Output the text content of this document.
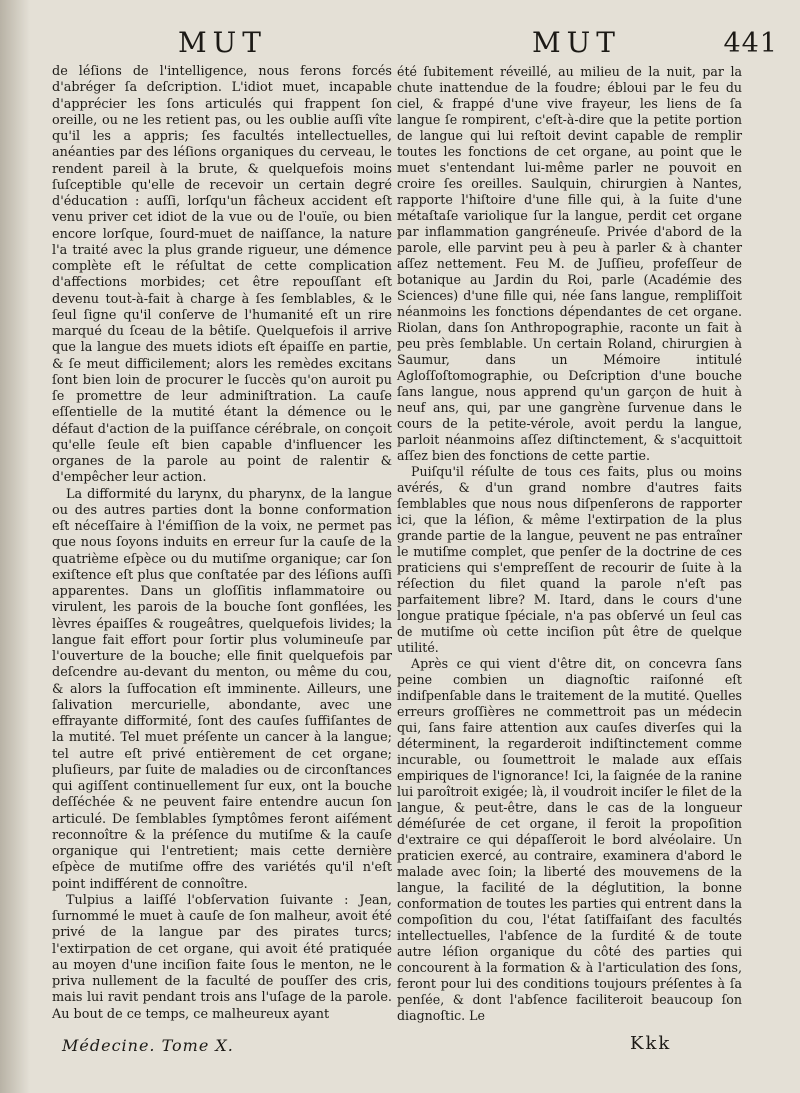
MUT	MUT	441

de léſions de l'intelligence, nous ferons forcés d'abréger ſa deſcription. L'idiot muet, incapable d'apprécier les ſons articulés qui frappent ſon oreille, ou ne les retient pas, ou les oublie auſſi vîte qu'il les a appris; ſes facultés intellectuelles, anéanties par des léſions organiques du cerveau, le rendent pareil à la brute, & quelquefois moins ſuſceptible qu'elle de recevoir un certain degré d'éducation : auſſi, lorſqu'un fâcheux accident eſt venu priver cet idiot de la vue ou de l'ouïe, ou bien encore lorſque, ſourd-muet de naiſſance, la nature l'a traité avec la plus grande rigueur, une démence complète eſt le réſultat de cette complication d'affections morbides; cet être repouſſant eſt devenu tout-à-fait à charge à ſes ſemblables, & le ſeul ſigne qu'il conſerve de l'humanité eſt un rire marqué du ſceau de la bêtiſe. Quelquefois il arrive que la langue des muets idiots eſt épaiſſe en partie, & ſe meut difficilement; alors les remèdes excitans ſont bien loin de procurer le ſuccès qu'on auroit pu ſe promettre de leur adminiſtration. La cauſe eſſentielle de la mutité étant la démence ou le défaut d'action de la puiſſance cérébrale, on conçoit qu'elle ſeule eſt bien capable d'influencer les organes de la parole au point de ralentir & d'empêcher leur action.

La difformité du larynx, du pharynx, de la langue ou des autres parties dont la bonne conformation eſt néceſſaire à l'émiſſion de la voix, ne permet pas que nous ſoyons induits en erreur ſur la cauſe de la quatrième eſpèce ou du mutiſme organique; car ſon exiſtence eſt plus que conſtatée par des léſions auſſi apparentes. Dans un gloſſitis inflammatoire ou virulent, les parois de la bouche ſont gonflées, les lèvres épaiſſes & rougeâtres, quelquefois livides; la langue fait effort pour ſortir plus volumineuſe par l'ouverture de la bouche; elle finit quelquefois par deſcendre au-devant du menton, ou même du cou, & alors la ſuffocation eſt imminente. Ailleurs, une ſalivation mercurielle, abondante, avec une effrayante difformité, ſont des cauſes ſuffiſantes de la mutité. Tel muet préſente un cancer à la langue; tel autre eſt privé entièrement de cet organe; pluſieurs, par ſuite de maladies ou de circonſtances qui agiſſent continuellement ſur eux, ont la bouche deſſéchée & ne peuvent faire entendre aucun ſon articulé. De ſemblables ſymptômes feront aiſément reconnoître & la préſence du mutiſme & la cauſe organique qui l'entretient; mais cette dernière eſpèce de mutiſme offre des variétés qu'il n'eſt point indifférent de connoître.

Tulpius a laiſſé l'obſervation ſuivante : Jean, ſurnommé le muet à cauſe de ſon malheur, avoit été privé de la langue par des pirates turcs; l'extirpation de cet organe, qui avoit été pratiquée au moyen d'une inciſion faite ſous le menton, ne le priva nullement de la faculté de pouſſer des cris, mais lui ravit pendant trois ans l'uſage de la parole. Au bout de ce temps, ce malheureux ayant

été ſubitement réveillé, au milieu de la nuit, par la chute inattendue de la foudre; ébloui par le feu du ciel, & frappé d'une vive frayeur, les liens de ſa langue ſe rompirent, c'eſt-à-dire que la petite portion de langue qui lui reſtoit devint capable de remplir toutes les fonctions de cet organe, au point que le muet s'entendant lui-même parler ne pouvoit en croire ſes oreilles. Saulquin, chirurgien à Nantes, rapporte l'hiſtoire d'une fille qui, à la ſuite d'une métaſtaſe variolique ſur la langue, perdit cet organe par inflammation gangréneuſe. Privée d'abord de la parole, elle parvint peu à peu à parler & à chanter aſſez nettement. Feu M. de Juſſieu, profeſſeur de botanique au Jardin du Roi, parle (Académie des Sciences) d'une fille qui, née ſans langue, rempliſſoit néanmoins les fonctions dépendantes de cet organe. Riolan, dans ſon Anthropographie, raconte un fait à peu près ſemblable. Un certain Roland, chirurgien à Saumur, dans un Mémoire intitulé Agloſſoſtomographie, ou Deſcription d'une bouche ſans langue, nous apprend qu'un garçon de huit à neuf ans, qui, par une gangrène ſurvenue dans le cours de la petite-vérole, avoit perdu la langue, parloit néanmoins aſſez diſtinctement, & s'acquittoit aſſez bien des fonctions de cette partie.

Puiſqu'il réſulte de tous ces faits, plus ou moins avérés, & d'un grand nombre d'autres faits ſemblables que nous nous diſpenſerons de rapporter ici, que la léſion, & même l'extirpation de la plus grande partie de la langue, peuvent ne pas entraîner le mutiſme complet, que penſer de la doctrine de ces praticiens qui s'empreſſent de recourir de ſuite à la réſection du filet quand la parole n'eſt pas parfaitement libre? M. Itard, dans le cours d'une longue pratique ſpéciale, n'a pas obſervé un ſeul cas de mutiſme où cette inciſion pût être de quelque utilité.

Après ce qui vient d'être dit, on concevra ſans peine combien un diagnoſtic raiſonné eſt indiſpenſable dans le traitement de la mutité. Quelles erreurs groſſières ne commettroit pas un médecin qui, ſans faire attention aux cauſes diverſes qui la déterminent, la regarderoit indiſtinctement comme incurable, ou ſoumettroit le malade aux eſſais empiriques de l'ignorance! Ici, la ſaignée de la ranine lui paroîtroit exigée; là, il voudroit inciſer le filet de la langue, & peut-être, dans le cas de la longueur déméſurée de cet organe, il feroit la propoſition d'extraire ce qui dépaſſeroit le bord alvéolaire. Un praticien exercé, au contraire, examinera d'abord le malade avec ſoin; la liberté des mouvemens de la langue, la facilité de la déglutition, la bonne conformation de toutes les parties qui entrent dans la compoſition du cou, l'état ſatiſfaiſant des facultés intellectuelles, l'abſence de la ſurdité & de toute autre léſion organique du côté des parties qui concourent à la formation & à l'articulation des ſons, feront pour lui des conditions toujours préſentes à ſa penſée, & dont l'abſence faciliteroit beaucoup ſon diagnoſtic. Le

Médecine. Tome X.	Kkk
